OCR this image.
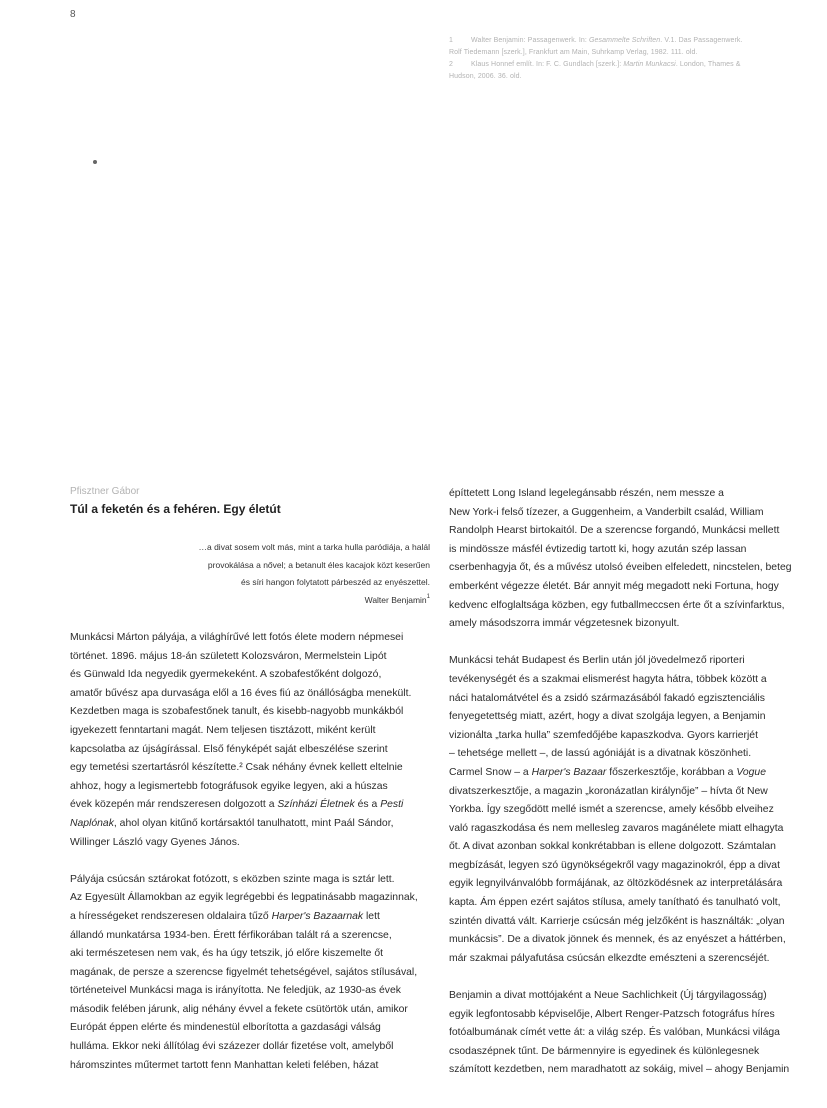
8
1	Walter Benjamin: Passagenwerk. In: Gesammelte Schriften. V.1. Das Passagenwerk.
Rolf Tiedemann [szerk.], Frankfurt am Main, Suhrkamp Verlag, 1982. 111. old.
2	Klaus Honnef említ. In: F. C. Gundlach [szerk.]: Martin Munkacsi. London, Thames &
Hudson, 2006. 36. old.
Pfisztner Gábor
Túl a feketén és a fehéren. Egy életút
…a divat sosem volt más, mint a tarka hulla paródiája, a halál
provokálása a nővel; a betanult éles kacajok közt keserűen
és síri hangon folytatott párbeszéd az enyészettel.
Walter Benjamin$^1$

Munkácsi Márton pályája, a világhírűvé lett fotós élete modern népmesei
történet. 1896. május 18-án született Kolozsváron, Mermelstein Lipót
és Günwald Ida negyedik gyermekeként. A szobafestőként dolgozó,
amatőr bűvész apa durvasága elől a 16 éves fiú az önállóságba menekült.
Kezdetben maga is szobafestőnek tanult, és kisebb-nagyobb munkákból
igyekezett fenntartani magát. Nem teljesen tisztázott, miként került
kapcsolatba az újságírással. Első fényképét saját elbeszélése szerint
egy temetési szertartásról készítette.² Csak néhány évnek kellett eltelnie
ahhoz, hogy a legismertebb fotográfusok egyike legyen, aki a húszas
évek közepén már rendszeresen dolgozott a Színházi Életnek és a Pesti
Naplónak, ahol olyan kitűnő kortársaktól tanulhatott, mint Paál Sándor,
Willinger László vagy Gyenes János.

Pályája csúcsán sztárokat fotózott, s eközben szinte maga is sztár lett.
Az Egyesült Államokban az egyik legrégebbi és legpatinásabb magazinnak,
a hírességeket rendszeresen oldalaira tűző Harper's Bazaarnak lett
állandó munkatársa 1934-ben. Érett férfikorában talált rá a szerencse,
aki természetesen nem vak, és ha úgy tetszik, jó előre kiszemelte őt
magának, de persze a szerencse figyelmét tehetségével, sajátos stílusával,
történeteivel Munkácsi maga is irányította. Ne feledjük, az 1930-as évek
második felében járunk, alig néhány évvel a fekete csütörtök után, amikor
Európát éppen elérte és mindenestül elborította a gazdasági válság
hulláma. Ekkor neki állítólag évi százezer dollár fizetése volt, amelyből
háromszintes műtermet tartott fenn Manhattan keleti felében, házat

építtetett Long Island legelegánsabb részén, nem messze a
New York-i felső tízezer, a Guggenheim, a Vanderbilt család, William
Randolph Hearst birtokaitól. De a szerencse forgandó, Munkácsi mellett
is mindössze másfél évtizedig tartott ki, hogy azután szép lassan
cserbenhagyja őt, és a művész utolsó éveiben elfeledett, nincstelen, beteg
emberként végezze életét. Bár annyit még megadott neki Fortuna, hogy
kedvenc elfoglaltsága közben, egy futballmeccsen érte őt a szívinfarktus,
amely másodszorra immár végzetesnek bizonyult.

Munkácsi tehát Budapest és Berlin után jól jövedelmező riporteri
tevékenységét és a szakmai elismerést hagyta hátra, többek között a
náci hatalomátvétel és a zsidó származásából fakadó egzisztenciális
fenyegetettség miatt, azért, hogy a divat szolgája legyen, a Benjamin
vizionálta „tarka hulla” szemfedőjébe kapaszkodva. Gyors karrierjét
– tehetsége mellett –, de lassú agóniáját is a divatnak köszönheti.
Carmel Snow – a Harper's Bazaar főszerkesztője, korábban a Vogue
divatszerkesztője, a magazin „koronázatlan királynője” – hívta őt New
Yorkba. Így szegődött mellé ismét a szerencse, amely később elveihez
való ragaszkodása és nem mellesleg zavaros magánélete miatt elhagyta
őt. A divat azonban sokkal konkrétabban is ellene dolgozott. Számtalan
megbízását, legyen szó ügynökségekről vagy magazinokról, épp a divat
egyik legnyilvánvalóbb formájának, az öltözködésnek az interpretálására
kapta. Ám éppen ezért sajátos stílusa, amely tanítható és tanulható volt,
szintén divattá vált. Karrierje csúcsán még jelzőként is használták: „olyan
munkácsis”. De a divatok jönnek és mennek, és az enyészet a háttérben,
már szakmai pályafutása csúcsán elkezdte emészteni a szerencséjét.

Benjamin a divat mottójaként a Neue Sachlichkeit (Új tárgyilagosság)
egyik legfontosabb képviselője, Albert Renger-Patzsch fotográfus híres
fotóalbumának címét vette át: a világ szép. És valóban, Munkácsi világa
csodaszépnek tűnt. De bármennyire is egyedinek és különlegesnek
számított kezdetben, nem maradhatott az sokáig, mivel – ahogy Benjamin
